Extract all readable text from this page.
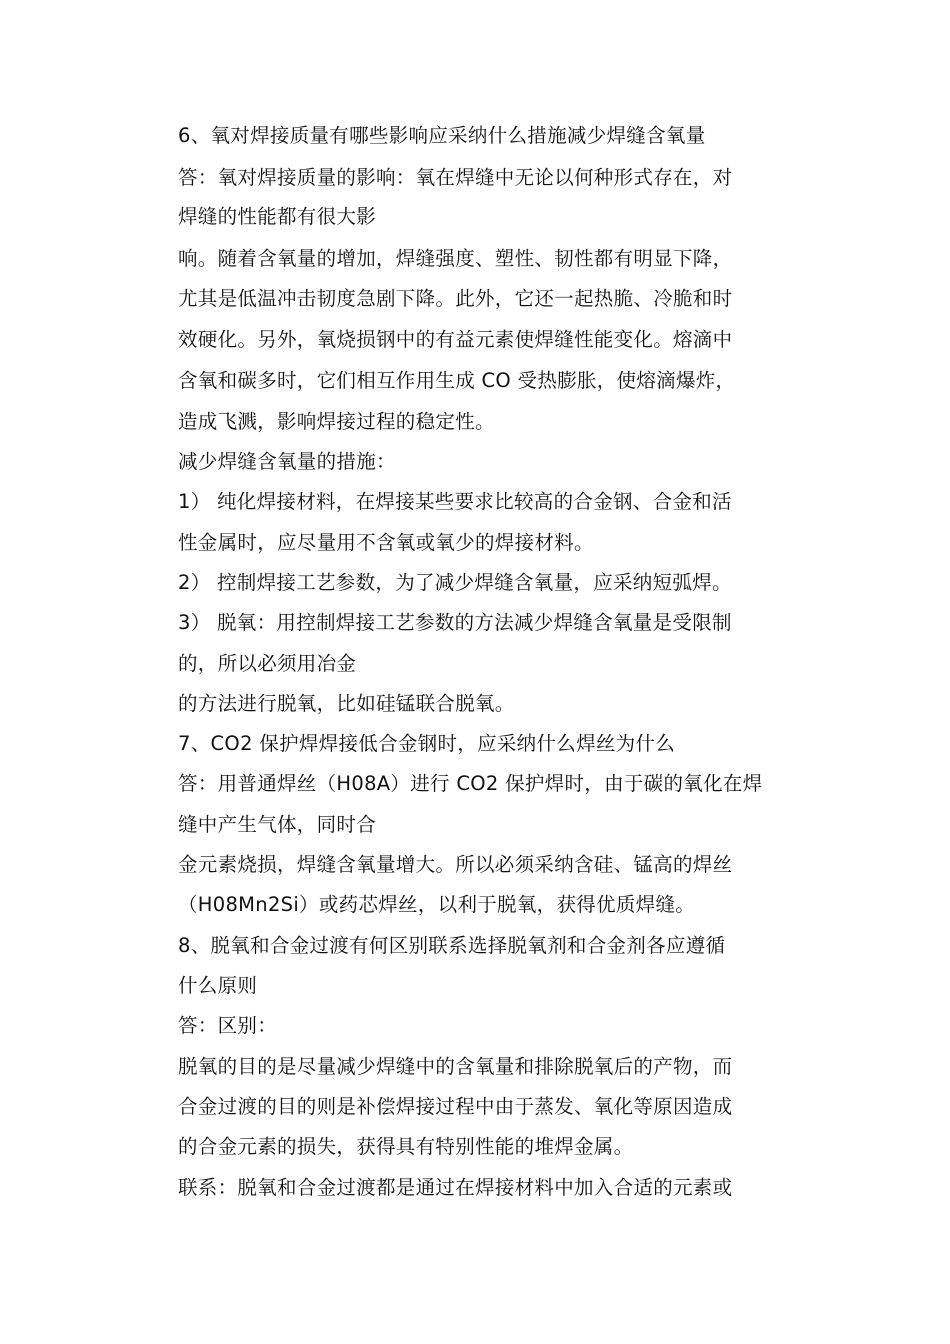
6、氧对焊接质量有哪些影响应采纳什么措施减少焊缝含氧量
答：氧对焊接质量的影响：氧在焊缝中无论以何种形式存在，对
焊缝的性能都有很大影
响。随着含氧量的增加，焊缝强度、塑性、韧性都有明显下降，
尤其是低温冲击韧度急剧下降。此外，它还一起热脆、冷脆和时
效硬化。另外，氧烧损钢中的有益元素使焊缝性能变化。熔滴中
含氧和碳多时，它们相互作用生成 CO 受热膨胀，使熔滴爆炸，
造成飞溅，影响焊接过程的稳定性。
减少焊缝含氧量的措施：
1） 纯化焊接材料，在焊接某些要求比较高的合金钢、合金和活
性金属时，应尽量用不含氧或氧少的焊接材料。
2） 控制焊接工艺参数，为了减少焊缝含氧量，应采纳短弧焊。
3） 脱氧：用控制焊接工艺参数的方法减少焊缝含氧量是受限制
的，所以必须用冶金
的方法进行脱氧，比如硅锰联合脱氧。
7、CO2 保护焊焊接低合金钢时，应采纳什么焊丝为什么
答：用普通焊丝（H08A）进行 CO2 保护焊时，由于碳的氧化在焊
缝中产生气体，同时合
金元素烧损，焊缝含氧量增大。所以必须采纳含硅、锰高的焊丝
（H08Mn2Si）或药芯焊丝，以利于脱氧，获得优质焊缝。
8、脱氧和合金过渡有何区别联系选择脱氧剂和合金剂各应遵循
什么原则
答：区别：
脱氧的目的是尽量减少焊缝中的含氧量和排除脱氧后的产物，而
合金过渡的目的则是补偿焊接过程中由于蒸发、氧化等原因造成
的合金元素的损失，获得具有特别性能的堆焊金属。
联系：脱氧和合金过渡都是通过在焊接材料中加入合适的元素或
